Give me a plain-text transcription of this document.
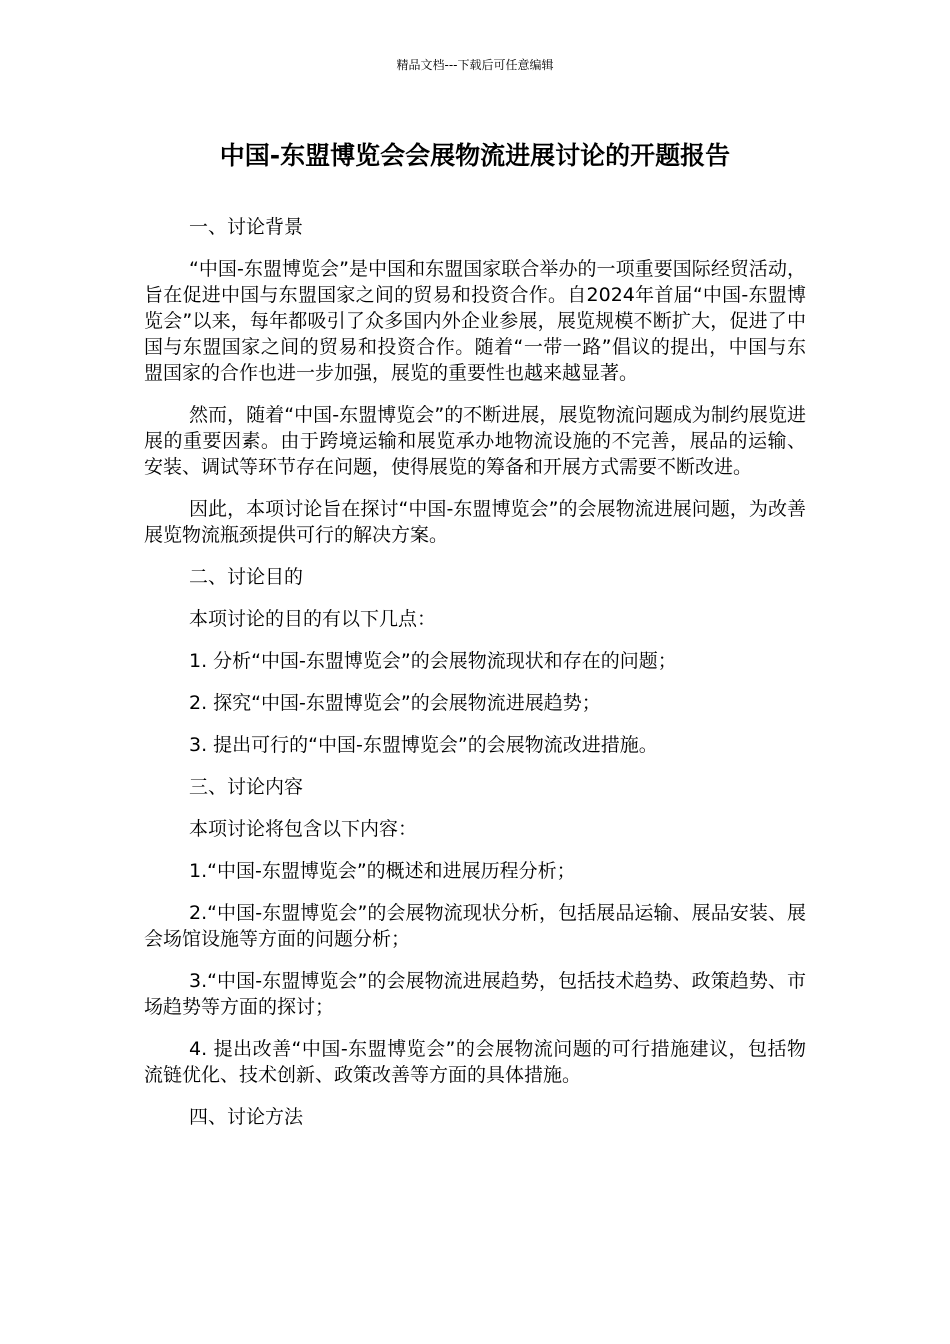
精品文档---下载后可任意编辑
中国-东盟博览会会展物流进展讨论的开题报告

一、讨论背景

“中国-东盟博览会”是中国和东盟国家联合举办的一项重要国际经贸活动，旨在促进中国与东盟国家之间的贸易和投资合作。自2024年首届“中国-东盟博览会”以来，每年都吸引了众多国内外企业参展，展览规模不断扩大，促进了中国与东盟国家之间的贸易和投资合作。随着“一带一路”倡议的提出，中国与东盟国家的合作也进一步加强，展览的重要性也越来越显著。

然而，随着“中国-东盟博览会”的不断进展，展览物流问题成为制约展览进展的重要因素。由于跨境运输和展览承办地物流设施的不完善，展品的运输、安装、调试等环节存在问题，使得展览的筹备和开展方式需要不断改进。

因此，本项讨论旨在探讨“中国-东盟博览会”的会展物流进展问题，为改善展览物流瓶颈提供可行的解决方案。

二、讨论目的

本项讨论的目的有以下几点：

1. 分析“中国-东盟博览会”的会展物流现状和存在的问题；

2. 探究“中国-东盟博览会”的会展物流进展趋势；

3. 提出可行的“中国-东盟博览会”的会展物流改进措施。

三、讨论内容

本项讨论将包含以下内容：

1.“中国-东盟博览会”的概述和进展历程分析；

2.“中国-东盟博览会”的会展物流现状分析，包括展品运输、展品安装、展会场馆设施等方面的问题分析；

3.“中国-东盟博览会”的会展物流进展趋势，包括技术趋势、政策趋势、市场趋势等方面的探讨；

4. 提出改善“中国-东盟博览会”的会展物流问题的可行措施建议，包括物流链优化、技术创新、政策改善等方面的具体措施。

四、讨论方法
